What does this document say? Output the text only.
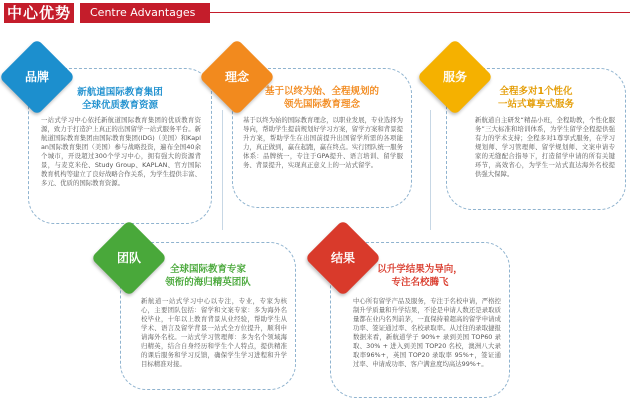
中心优势	Centre Advantages
新航道国际教育集团
全球优质教育资源
一站式学习中心依托新航道国际教育集团的优质教育资源，致力于打造沪上真正的出国留学一站式服务平台。新航道国际教育集团由国际教育集团(IDG)（美国）和Kaplan国际教育集团（美国）参与战略投资，遍布全国40余个城市，开设超过300个学习中心，拥有强大的资源背景，与麦克米伦、Study Group、KAPLAN、官方国际教育机构等建立了良好战略合作关系，为学生提供丰富、多元、优质的国际教育资源。
品牌
基于以终为始、全程规划的
领先国际教育理念
基于以终为始的国际教育理念，以职业发展，专业选择为导向，帮助学生提前规划好学习方案，留学方案和背景提升方案，帮助学生在出国前提升出国留学所需的各项能力，真正做到，赢在起跑，赢在终点。实行团队统一服务体系：品牌统一，专注于GPA提升、语言培训、留学服务、背景提升，实现真正意义上的一站式留学。
理念
全程多对1个性化
一站式尊享式服务
新航道自主研发“精品小班，全程助教，个性化服务”三大标准和培训体系，为学生留学全程提供强有力的学术支持；全程多对1尊享式服务，在学习规划师、学习管理师、留学规划师、文案申请专家的无缝配合指导下，打造留学申请的所有关键环节，高效省心，为学生一站式直达海外名校提供强大保障。
服务
全球国际教育专家
领衔的海归精英团队
新航道一站式学习中心以专注，专业，专家为核心，主要团队包括：留学和文案专家：多为海外名校毕业，十年以上教育背景从业经验，帮助学生从学术、语言及留学背景一站式全方位提升，顺利申请海外名校。一站式学习管理师：多为名个领域海归精英，结合自身经历和学生个人特点，提供精准的课后服务和学习反馈，确保学生学习进程和升学目标精准对接。
团队
以升学结果为导向，
专注名校腾飞
中心所有留学产品及服务，专注于名校申请，严格控制升学质量和升学结果，不论是申请人数还是录取质量都在业内名列前茅，一直保持着超高的留学申请成功率、签证通过率、名校录取率。从过往的录取捷报数据来看，新航道学子 90%+ 录到美国 TOP60 录取、30% + 进入到美国 TOP20 名校，澳洲八大录取率96%+，英国 TOP20 录取率 95%+，签证通过率、申请成功率、客户满意度均高达99%+。
结果
